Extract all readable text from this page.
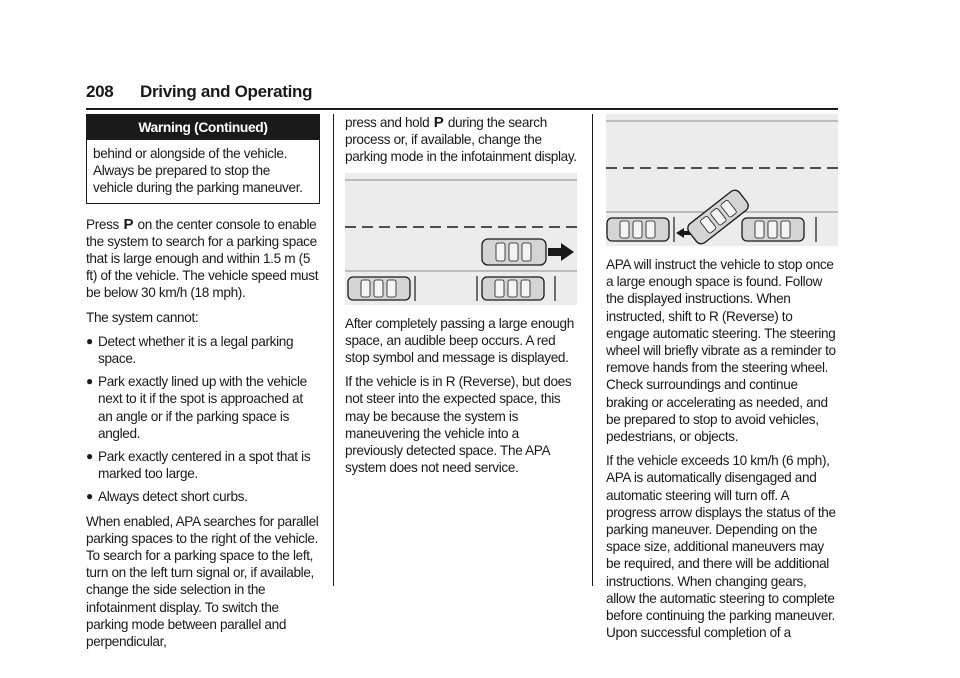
208 Driving and Operating
Warning (Continued)
behind or alongside of the vehicle. Always be prepared to stop the vehicle during the parking maneuver.

Press P on the center console to enable the system to search for a parking space that is large enough and within 1.5 m (5 ft) of the vehicle. The vehicle speed must be below 30 km/h (18 mph).

The system cannot:

● Detect whether it is a legal parking space.
● Park exactly lined up with the vehicle next to it if the spot is approached at an angle or if the parking space is angled.
● Park exactly centered in a spot that is marked too large.
● Always detect short curbs.

When enabled, APA searches for parallel parking spaces to the right of the vehicle. To search for a parking space to the left, turn on the left turn signal or, if available, change the side selection in the infotainment display. To switch the parking mode between parallel and perpendicular,

press and hold P during the search process or, if available, change the parking mode in the infotainment display.

After completely passing a large enough space, an audible beep occurs. A red stop symbol and message is displayed.

If the vehicle is in R (Reverse), but does not steer into the expected space, this may be because the system is maneuvering the vehicle into a previously detected space. The APA system does not need service.

APA will instruct the vehicle to stop once a large enough space is found. Follow the displayed instructions. When instructed, shift to R (Reverse) to engage automatic steering. The steering wheel will briefly vibrate as a reminder to remove hands from the steering wheel. Check surroundings and continue braking or accelerating as needed, and be prepared to stop to avoid vehicles, pedestrians, or objects.

If the vehicle exceeds 10 km/h (6 mph), APA is automatically disengaged and automatic steering will turn off. A progress arrow displays the status of the parking maneuver. Depending on the space size, additional maneuvers may be required, and there will be additional instructions. When changing gears, allow the automatic steering to complete before continuing the parking maneuver. Upon successful completion of a
